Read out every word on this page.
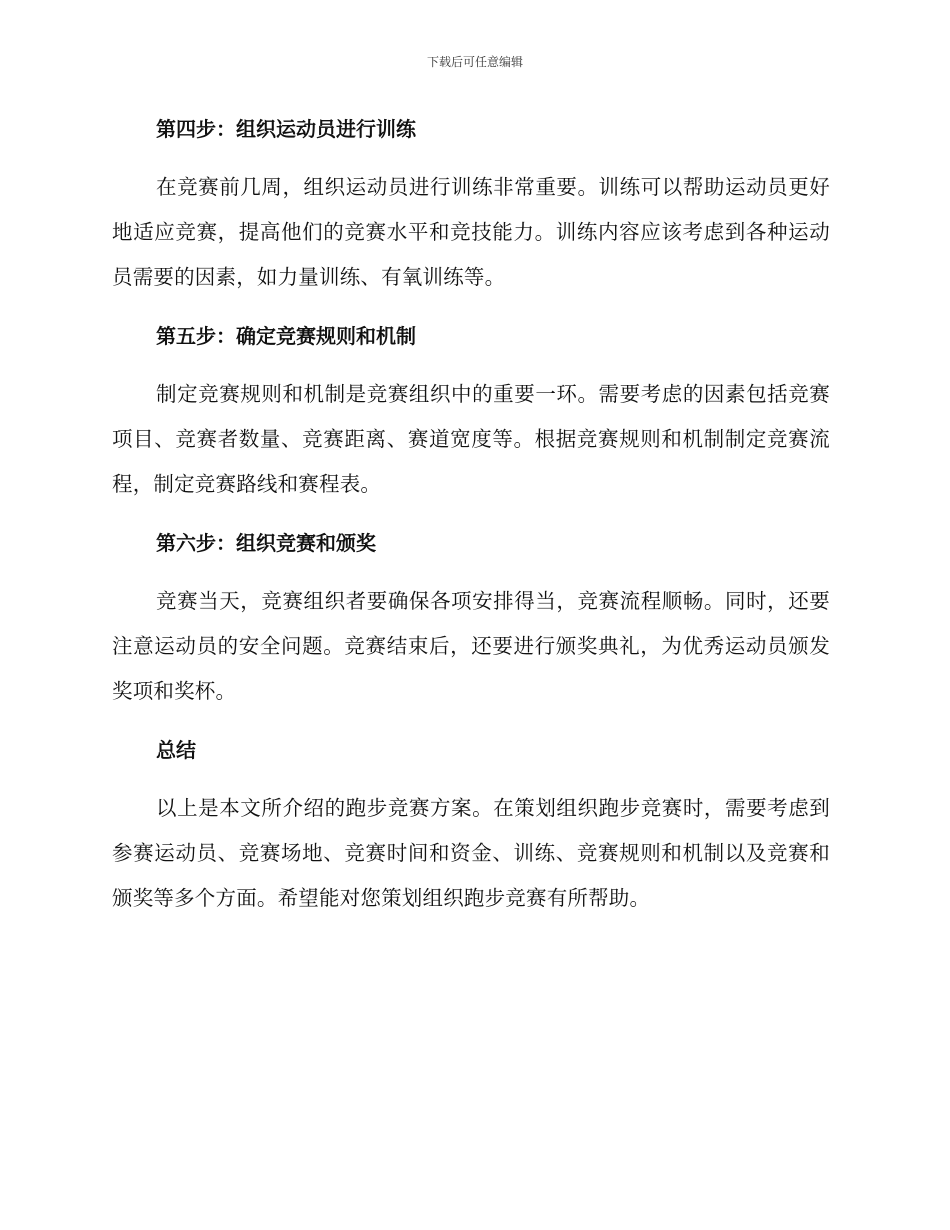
下载后可任意编辑
第四步：组织运动员进行训练

在竞赛前几周，组织运动员进行训练非常重要。训练可以帮助运动员更好地适应竞赛，提高他们的竞赛水平和竞技能力。训练内容应该考虑到各种运动员需要的因素，如力量训练、有氧训练等。

第五步：确定竞赛规则和机制

制定竞赛规则和机制是竞赛组织中的重要一环。需要考虑的因素包括竞赛项目、竞赛者数量、竞赛距离、赛道宽度等。根据竞赛规则和机制制定竞赛流程，制定竞赛路线和赛程表。

第六步：组织竞赛和颁奖

竞赛当天，竞赛组织者要确保各项安排得当，竞赛流程顺畅。同时，还要注意运动员的安全问题。竞赛结束后，还要进行颁奖典礼，为优秀运动员颁发奖项和奖杯。

总结

以上是本文所介绍的跑步竞赛方案。在策划组织跑步竞赛时，需要考虑到参赛运动员、竞赛场地、竞赛时间和资金、训练、竞赛规则和机制以及竞赛和颁奖等多个方面。希望能对您策划组织跑步竞赛有所帮助。
